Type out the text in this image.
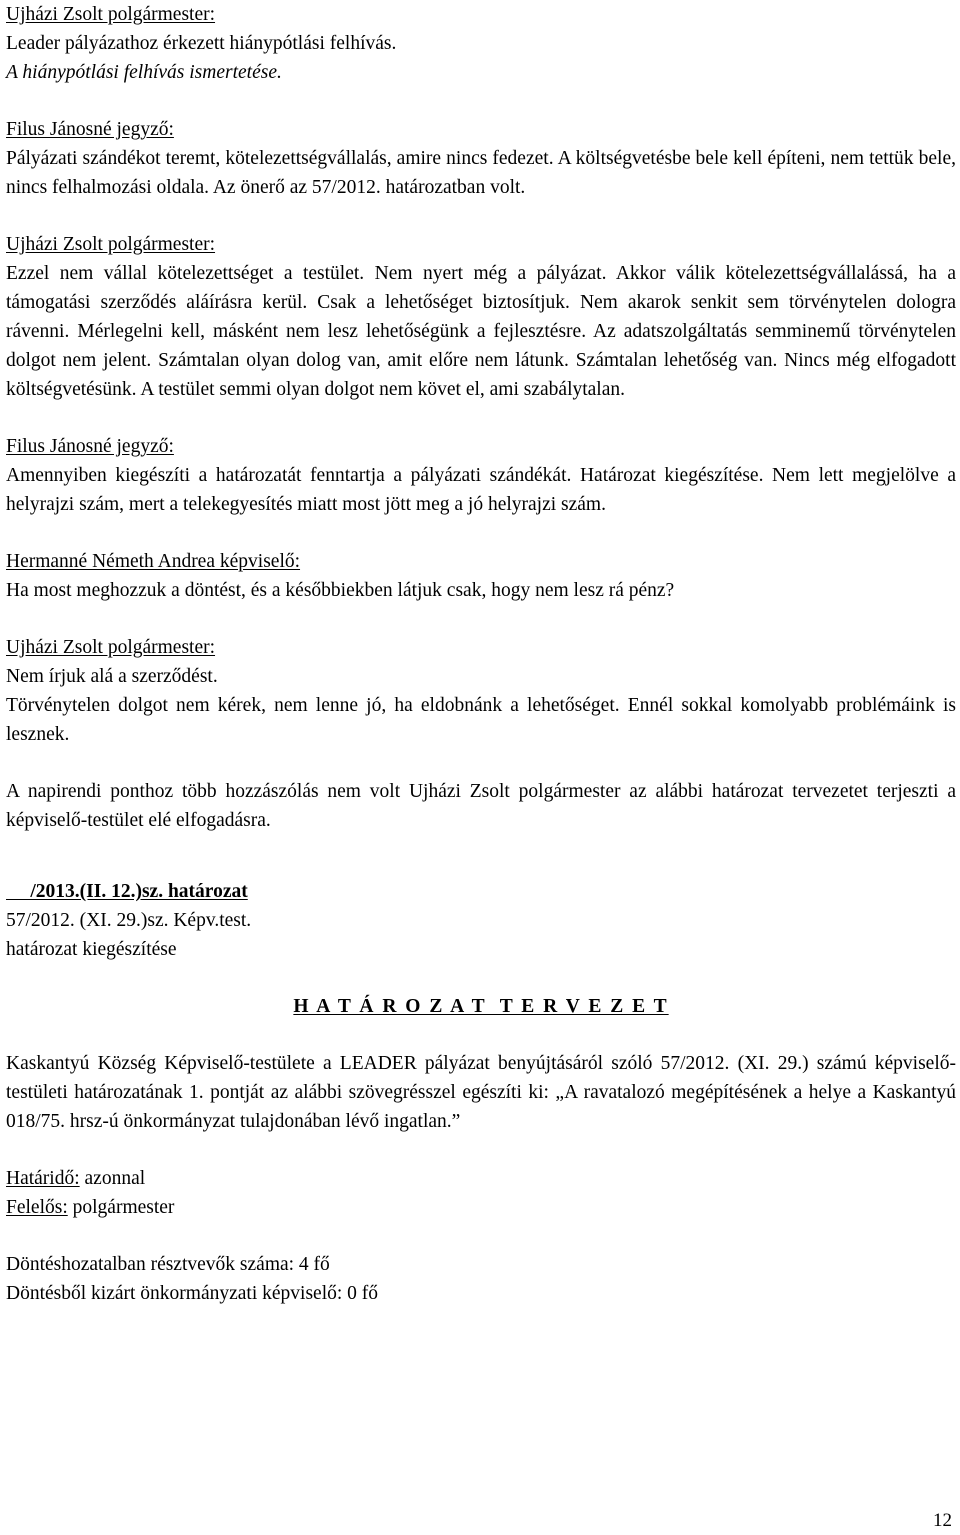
Ujházi Zsolt polgármester:
Leader pályázathoz érkezett hiánypótlási felhívás.
A hiánypótlási felhívás ismertetése.
Filus Jánosné jegyző:
Pályázati szándékot teremt, kötelezettségvállalás, amire nincs fedezet. A költségvetésbe bele kell építeni, nem tettük bele, nincs felhalmozási oldala. Az önerő az 57/2012. határozatban volt.
Ujházi Zsolt polgármester:
Ezzel nem vállal kötelezettséget a testület. Nem nyert még a pályázat. Akkor válik kötelezettségvállalássá, ha a támogatási szerződés aláírásra kerül. Csak a lehetőséget biztosítjuk. Nem akarok senkit sem törvénytelen dologra rávenni. Mérlegelni kell, másként nem lesz lehetőségünk a fejlesztésre. Az adatszolgáltatás semminemű törvénytelen dolgot nem jelent. Számtalan olyan dolog van, amit előre nem látunk. Számtalan lehetőség van. Nincs még elfogadott költségvetésünk. A testület semmi olyan dolgot nem követ el, ami szabálytalan.
Filus Jánosné jegyző:
Amennyiben kiegészíti a határozatát fenntartja a pályázati szándékát. Határozat kiegészítése. Nem lett megjelölve a helyrajzi szám, mert a telekegyesítés miatt most jött meg a jó helyrajzi szám.
Hermanné Németh Andrea képviselő:
Ha most meghozzuk a döntést, és a későbbiekben látjuk csak, hogy nem lesz rá pénz?
Ujházi Zsolt polgármester:
Nem írjuk alá a szerződést.
Törvénytelen dolgot nem kérek, nem lenne jó, ha eldobnánk a lehetőséget. Ennél sokkal komolyabb problémáink is lesznek.
A napirendi ponthoz több hozzászólás nem volt Ujházi Zsolt polgármester az alábbi határozat tervezetet terjeszti a képviselő-testület elé elfogadásra.
/2013.(II. 12.)sz. határozat
57/2012. (XI. 29.)sz. Képv.test.
határozat kiegészítése
H A T Á R O Z A T  T E R V E Z E T
Kaskantyú Község Képviselő-testülete a LEADER pályázat benyújtásáról szóló 57/2012. (XI. 29.) számú képviselő-testületi határozatának 1. pontját az alábbi szövegrésszel egészíti ki: „A ravatalozó megépítésének a helye a Kaskantyú 018/75. hrsz-ú önkormányzat tulajdonában lévő ingatlan.”
Határidő: azonnal
Felelős: polgármester
Döntéshozatalban résztvevők száma: 4 fő
Döntésből kizárt önkormányzati képviselő: 0 fő
12
